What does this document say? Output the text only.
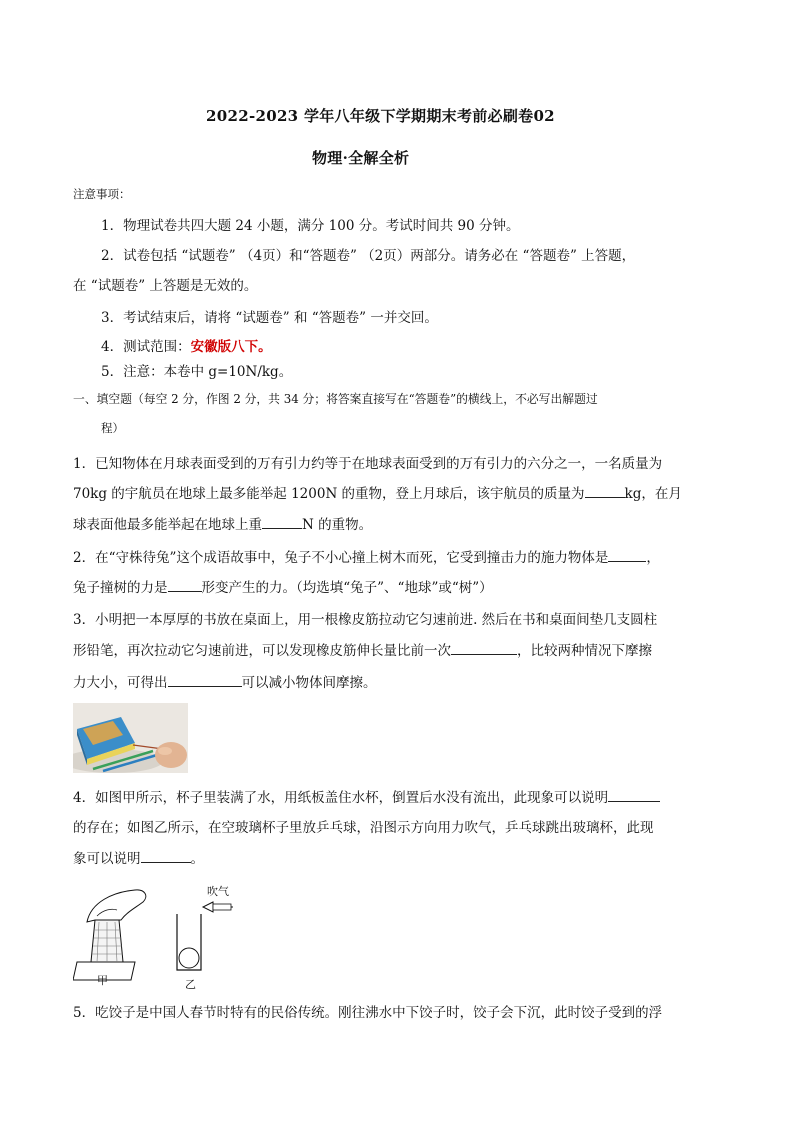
2022-2023 学年八年级下学期期末考前必刷卷02
物理·全解全析
注意事项：
1．物理试卷共四大题 24 小题，满分 100 分。考试时间共 90 分钟。
2．试卷包括 “试题卷” （4页）和“答题卷” （2页）两部分。请务必在 “答题卷” 上答题，
在 “试题卷” 上答题是无效的。
3．考试结束后，请将 “试题卷” 和 “答题卷” 一并交回。
4．测试范围：安徽版八下。
5．注意：本卷中 g=10N/kg。
一、填空题（每空 2 分，作图 2 分，共 34 分；将答案直接写在“答题卷”的横线上，不必写出解题过
程）
1．已知物体在月球表面受到的万有引力约等于在地球表面受到的万有引力的六分之一，一名质量为
70kg 的宇航员在地球上最多能举起 1200N 的重物，登上月球后，该宇航员的质量为	kg，在月
球表面他最多能举起在地球上重	N 的重物。
2．在“守株待兔”这个成语故事中，兔子不小心撞上树木而死，它受到撞击力的施力物体是	，
兔子撞树的力是	形变产生的力。（均选填“兔子”、“地球”或“树”）
3．小明把一本厚厚的书放在桌面上，用一根橡皮筋拉动它匀速前进. 然后在书和桌面间垫几支圆柱
形铅笔，再次拉动它匀速前进，可以发现橡皮筋伸长量比前一次	，比较两种情况下摩擦
力大小，可得出	可以减小物体间摩擦。
4．如图甲所示，杯子里装满了水，用纸板盖住水杯，倒置后水没有流出，此现象可以说明
的存在；如图乙所示，在空玻璃杯子里放乒乓球，沿图示方向用力吹气，乒乓球跳出玻璃杯，此现
象可以说明	。
吹气
甲	乙
5．吃饺子是中国人春节时特有的民俗传统。刚往沸水中下饺子时，饺子会下沉，此时饺子受到的浮
